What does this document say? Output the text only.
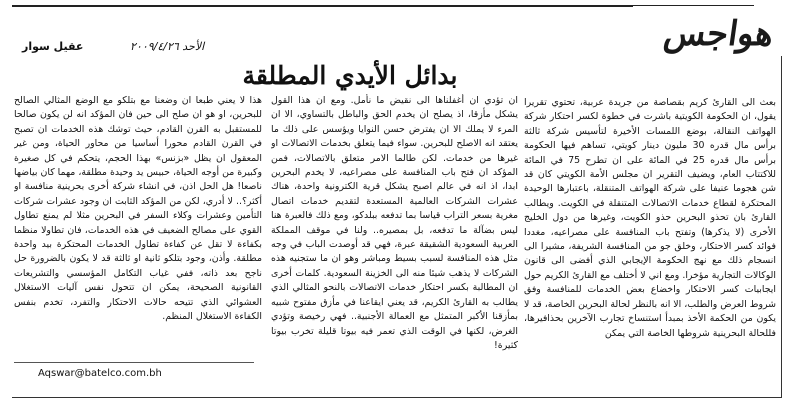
هواجس
عقيل سوار	الأحد ٢٠٠٩/٤/٢٦
بدائل الأيدي المطلقة

بعث الى القارئ كريم بقصاصة من جريدة عربية، تحتوي تقريرا يقول، ان الحكومة الكويتية باشرت في خطوة لكسر احتكار شركة الهواتف النقالة، بوضع اللمسات الأخيرة لتأسيس شركة ثالثة برأس مال قدره 30 مليون دينار كويتي، تساهم فيها الحكومة برأس مال قدره 25 في المائة على ان تطرح 75 في المائة للاكتتاب العام، ويضيف التقرير ان مجلس الأمة الكويتي كان قد شن هجوما عنيفا على شركة الهواتف المتنقلة، باعتبارها الوحيدة المحتكرة لقطاع خدمات الاتصالات المتنقلة في الكويت. ويطالب القارئ بان تحذو البحرين حذو الكويت، وغيرها من دول الخليج الأخرى (لا يذكرها) وتفتح باب المنافسة على مصراعيه، مغددا فوائد كسر الاحتكار، وخلق جو من المنافسة الشريفة، مشيرا الى انسجام ذلك مع نهج الحكومة الإيجابي الذي أفضى الى قانون الوكالات التجارية مؤخرا. ومع اني لا أختلف مع القارئ الكريم حول ايجابيات كسر الاحتكار واخضاع بعض الخدمات للمنافسة وفق شروط العرض والطلب، الا انه بالنظر لحالة البحرين الخاصة، قد لا يكون من الحكمة الأخذ بمبدأ استنساخ تجارب الآخرين بحذافيرها، فللحالة البحرينية شروطها الخاصة التي يمكن

ان تؤدي ان أغفلناها الى نقيض ما نأمل. ومع ان هذا القول يشكل مأزقا، اذ يصلح ان يخدم الحق والباطل بالتساوي، الا ان المرء لا يملك الا ان يفترض حسن النوايا ويؤسس على ذلك ما يعتقد انه الاصلح للبحرين. سواء فيما يتعلق بخدمات الاتصالات او غيرها من خدمات. لكن طالما الامر متعلق بالاتصالات، فمن المؤكد ان فتح باب المنافسة على مصراعيه، لا يخدم البحرين ابدا، اذ انه في عالم اصبح يشكل قرية الكترونية واحدة، هناك عشرات الشركات العالمية المستعدة لتقديم خدمات اتصال مغرية بسعر التراب قياسا بما تدفعه ببلدكو، ومع ذلك فالعبرة هنا ليس بضآلة ما تدفعه، بل بمصيره.. ولنا في موقف المملكة العربية السعودية الشقيقة عبرة، فهي قد أوصدت الباب في وجه مثل هذه المنافسة لسبب بسيط ومباشر وهو ان ما ستجنيه هذه الشركات لا يذهب شيئا منه الى الخزينة السعودية. كلمات أخرى ان المطالبة بكسر احتكار خدمات الاتصالات بالنحو المثالي الذي يطالب به القارئ الكريم، قد يعني ايقاعنا في مأزق مفتوح شبيه بمأزقنا الأكبر المتمثل مع العمالة الأجنبية.. فهي رخيصة وتؤدي الغرض، لكنها في الوقت الذي تعمر فيه بيوتا قليلة تخرب بيوتا كثيرة!

هذا لا يعني طبعا ان وضعنا مع بتلكو مع الوضع المثالي الصالح للبحرين، او هو ان صلح الى حين فان المؤكد انه لن يكون صالحا للمستقبل به القرن القادم، حيث توشك هذه الخدمات ان تصبح في القرن القادم محورا أساسيا من محاور الحياة، ومن غير المعقول ان يظل «بزنس» بهذا الحجم، يتحكم في كل صغيرة وكبيرة من أوجه الحياة، حبيس يد وحيدة مطلقة، مهما كان بياضها ناصعا! هل الحل اذن، في انشاء شركة أخرى بحرينية منافسة او أكثر؟.. لا أدري، لكن من المؤكد الثابت ان وجود عشرات شركات التأمين وعشرات وكلاء السفر في البحرين مثلا لم يمنع تطاول القوي على مصالح الضعيف في هذه الخدمات، فان تطاولا منظما بكفاءة لا تقل عن كفاءة تطاول الخدمات المحتكرة بيد واحدة مطلقة. وأذن، وجود بتلكو ثانية او ثالثة قد لا يكون بالضرورة حل ناجح بعد ذاته، ففي غياب التكامل المؤسسي والتشريعات القانونية الصحيحة، يمكن ان تتحول نفس آليات الاستغلال العشوائي الذي تتيحه حالات الاحتكار والتفرد، تخدم بنفس الكفاءة الاستغلال المنظم.

Aqswar@batelco.com.bh
